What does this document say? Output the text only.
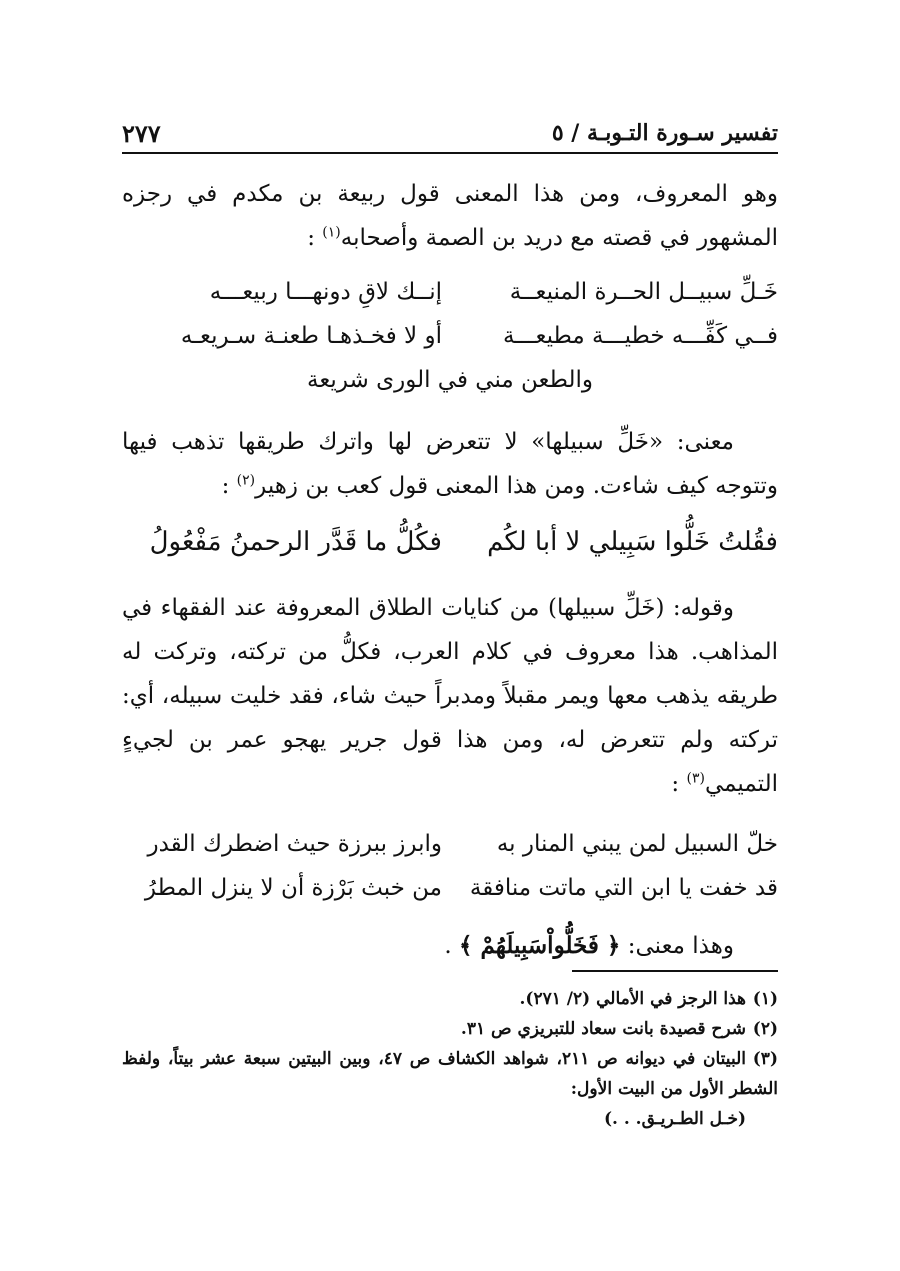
تفسير سـورة التـوبـة / ٥
٢٧٧

وهو المعروف، ومن هذا المعنى قول ربيعة بن مكدم في رجزه المشهور في قصته مع دريد بن الصمة وأصحابه$^{(١)}$ :

خَـلِّ سبيــل الحــرة المنيعــة
إنــك لاقِ دونهـــا ربيعـــه
فــي كَفِّـــه خطيـــة مطيعـــة
أو لا فخـذهـا طعنـة سـريعـه
والطعن مني في الورى شريعة

معنى: «خَلِّ سبيلها» لا تتعرض لها واترك طريقها تذهب فيها وتتوجه كيف شاءت. ومن هذا المعنى قول كعب بن زهير$^{(٢)}$ :

فقُلتُ خَلُّوا سَبِيلي لا أبا لكُم
فكُلُّ ما قَدَّر الرحمنُ مَفْعُولُ

وقوله: (خَلِّ سبيلها) من كنايات الطلاق المعروفة عند الفقهاء في المذاهب. هذا معروف في كلام العرب، فكلُّ من تركته، وتركت له طريقه يذهب معها ويمر مقبلاً ومدبراً حيث شاء، فقد خليت سبيله، أي: تركته ولم تتعرض له، ومن هذا قول جرير يهجو عمر بن لجيءٍ التميمي$^{(٣)}$ :

خلّ السبيل لمن يبني المنار به
وابرز ببرزة حيث اضطرك القدر
قد خفت يا ابن التي ماتت منافقة
من خبث بَرْزة أن لا ينزل المطرُ

وهذا معنى: ﴿ فَخَلُّواْسَبِيلَهُمْ ﴾ .

(١)هذا الرجز في الأمالي (٢/ ٢٧١).

(٢)شرح قصيدة بانت سعاد للتبريزي ص ٣١.

(٣)البيتان في ديوانه ص ٢١١، شواهد الكشاف ص ٤٧، وبين البيتين سبعة عشر بيتاً، ولفظ الشطر الأول من البيت الأول:

(خـل الطـريـق. . .)
